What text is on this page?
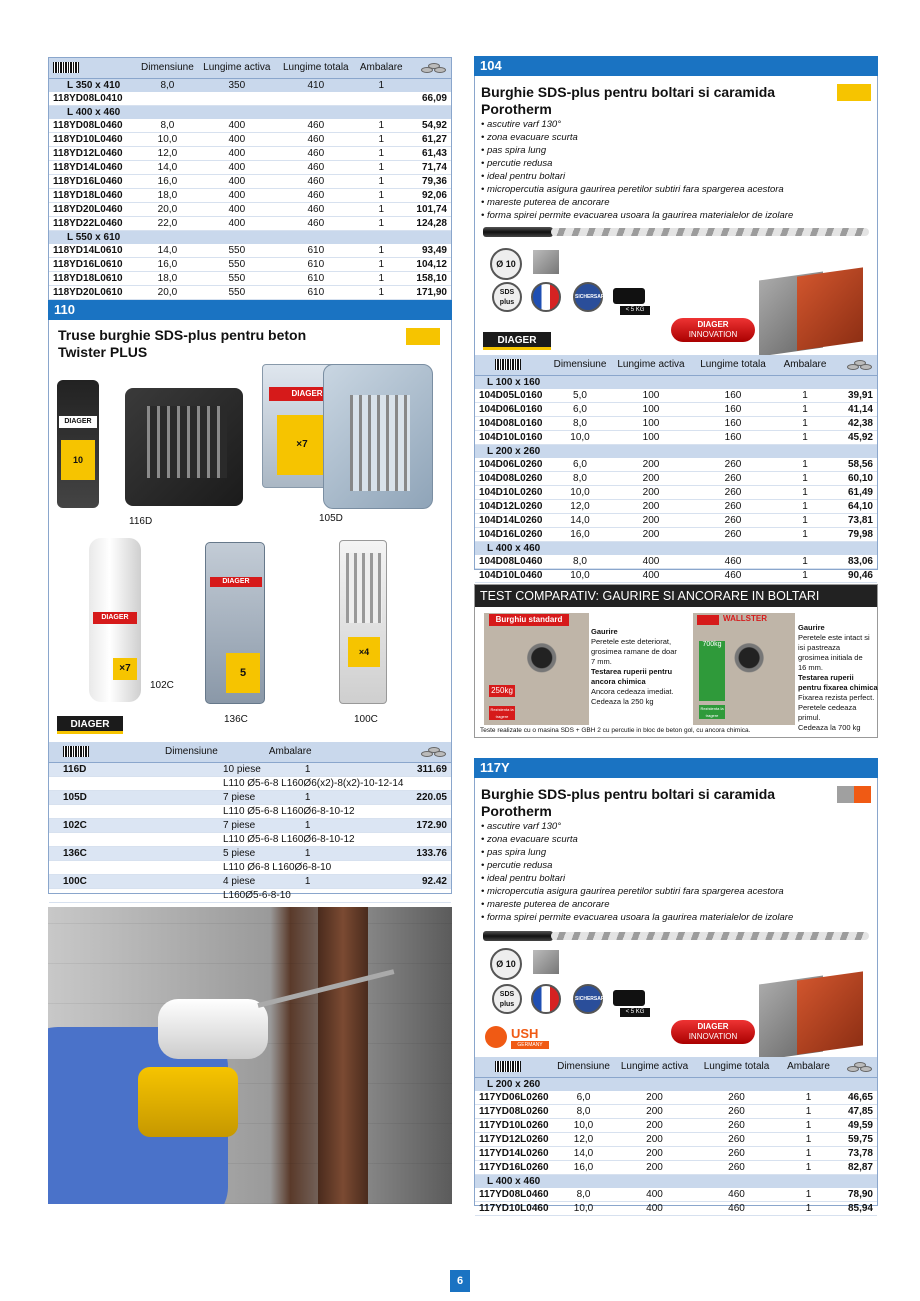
	Dimensiune	Lungime activa	Lungime totala	Ambalare	

L 350 x 410	8,0	350	410	1	
118YD08L0410					66,09
L 400 x 460					
118YD08L0460	8,0	400	460	1	54,92
118YD10L0460	10,0	400	460	1	61,27
118YD12L0460	12,0	400	460	1	61,43
118YD14L0460	14,0	400	460	1	71,74
118YD16L0460	16,0	400	460	1	79,36
118YD18L0460	18,0	400	460	1	92,06
118YD20L0460	20,0	400	460	1	101,74
118YD22L0460	22,0	400	460	1	124,28
L 550 x 610					
118YD14L0610	14,0	550	610	1	93,49
118YD16L0610	16,0	550	610	1	104,12
118YD18L0610	18,0	550	610	1	158,10
118YD20L0610	20,0	550	610	1	171,90
110
Truse burghie SDS-plus pentru beton
Twister PLUS
DIAGER
10
DIAGER
×7
116D	105D
DIAGER
×7
102C
DIAGER
5
136C
×4
100C
DIAGER
	Dimensiune	Ambalare	

116D	10 piese	1	311.69
	L110 Ø5-6-8 L160Ø6(x2)-8(x2)-10-12-14		
105D	7 piese	1	220.05
	L110 Ø5-6-8 L160Ø6-8-10-12		
102C	7 piese	1	172.90
	L110 Ø5-6-8 L160Ø6-8-10-12		
136C	5 piese	1	133.76
	L110 Ø6-8 L160Ø6-8-10		
100C	4 piese	1	92.42
	L160Ø5-6-8-10		
104
Burghie SDS-plus pentru boltari si caramida
Porotherm
• ascutire varf 130°
• zona evacuare scurta
• pas spira lung
• percutie redusa
• ideal pentru boltari
• micropercutia asigura gaurirea peretilor subtiri fara spargerea acestora
• mareste puterea de ancorare
• forma spirei permite evacuarea usoara la gaurirea materialelor de izolare
Ø 10
SDS plus
SICHERSAFE
< 5 KG
DIAGER
INNOVATION
DIAGER
	Dimensiune	Lungime activa	Lungime totala	Ambalare	

L 100 x 160					
104D05L0160	5,0	100	160	1	39,91
104D06L0160	6,0	100	160	1	41,14
104D08L0160	8,0	100	160	1	42,38
104D10L0160	10,0	100	160	1	45,92
L 200 x 260					
104D06L0260	6,0	200	260	1	58,56
104D08L0260	8,0	200	260	1	60,10
104D10L0260	10,0	200	260	1	61,49
104D12L0260	12,0	200	260	1	64,10
104D14L0260	14,0	200	260	1	73,81
104D16L0260	16,0	200	260	1	79,98
L 400 x 460					
104D08L0460	8,0	400	460	1	83,06
104D10L0460	10,0	400	460	1	90,46
TEST COMPARATIV: GAURIRE SI ANCORARE IN BOLTARI
Burghiu standard
250kg
Rezistenta la tragere
Gaurire
Peretele este deteriorat,
grosimea ramane de doar
7 mm.
Testarea ruperii pentru
ancora chimica
Ancora cedeaza imediat.
Cedeaza la 250 kg
WALLSTER
700kg
Rezistenta la tragere
Gaurire
Peretele este intact si
isi pastreaza
grosimea initiala de
16 mm.
Testarea ruperii
pentru fixarea chimica
Fixarea rezista perfect.
Peretele cedeaza primul.
Cedeaza la 700 kg
Teste realizate cu o masina SDS + GBH 2 cu percutie in bloc de beton gol, cu ancora chimica.
117Y
Burghie SDS-plus pentru boltari si caramida
Porotherm
• ascutire varf 130°
• zona evacuare scurta
• pas spira lung
• percutie redusa
• ideal pentru boltari
• micropercutia asigura gaurirea peretilor subtiri fara spargerea acestora
• mareste puterea de ancorare
• forma spirei permite evacuarea usoara la gaurirea materialelor de izolare
Ø 10
SDS plus
SICHERSAFE
< 5 KG
DIAGER
INNOVATION
USH
GERMANY
	Dimensiune	Lungime activa	Lungime totala	Ambalare	

L 200 x 260					
117YD06L0260	6,0	200	260	1	46,65
117YD08L0260	8,0	200	260	1	47,85
117YD10L0260	10,0	200	260	1	49,59
117YD12L0260	12,0	200	260	1	59,75
117YD14L0260	14,0	200	260	1	73,78
117YD16L0260	16,0	200	260	1	82,87
L 400 x 460					
117YD08L0460	8,0	400	460	1	78,90
117YD10L0460	10,0	400	460	1	85,94
6
